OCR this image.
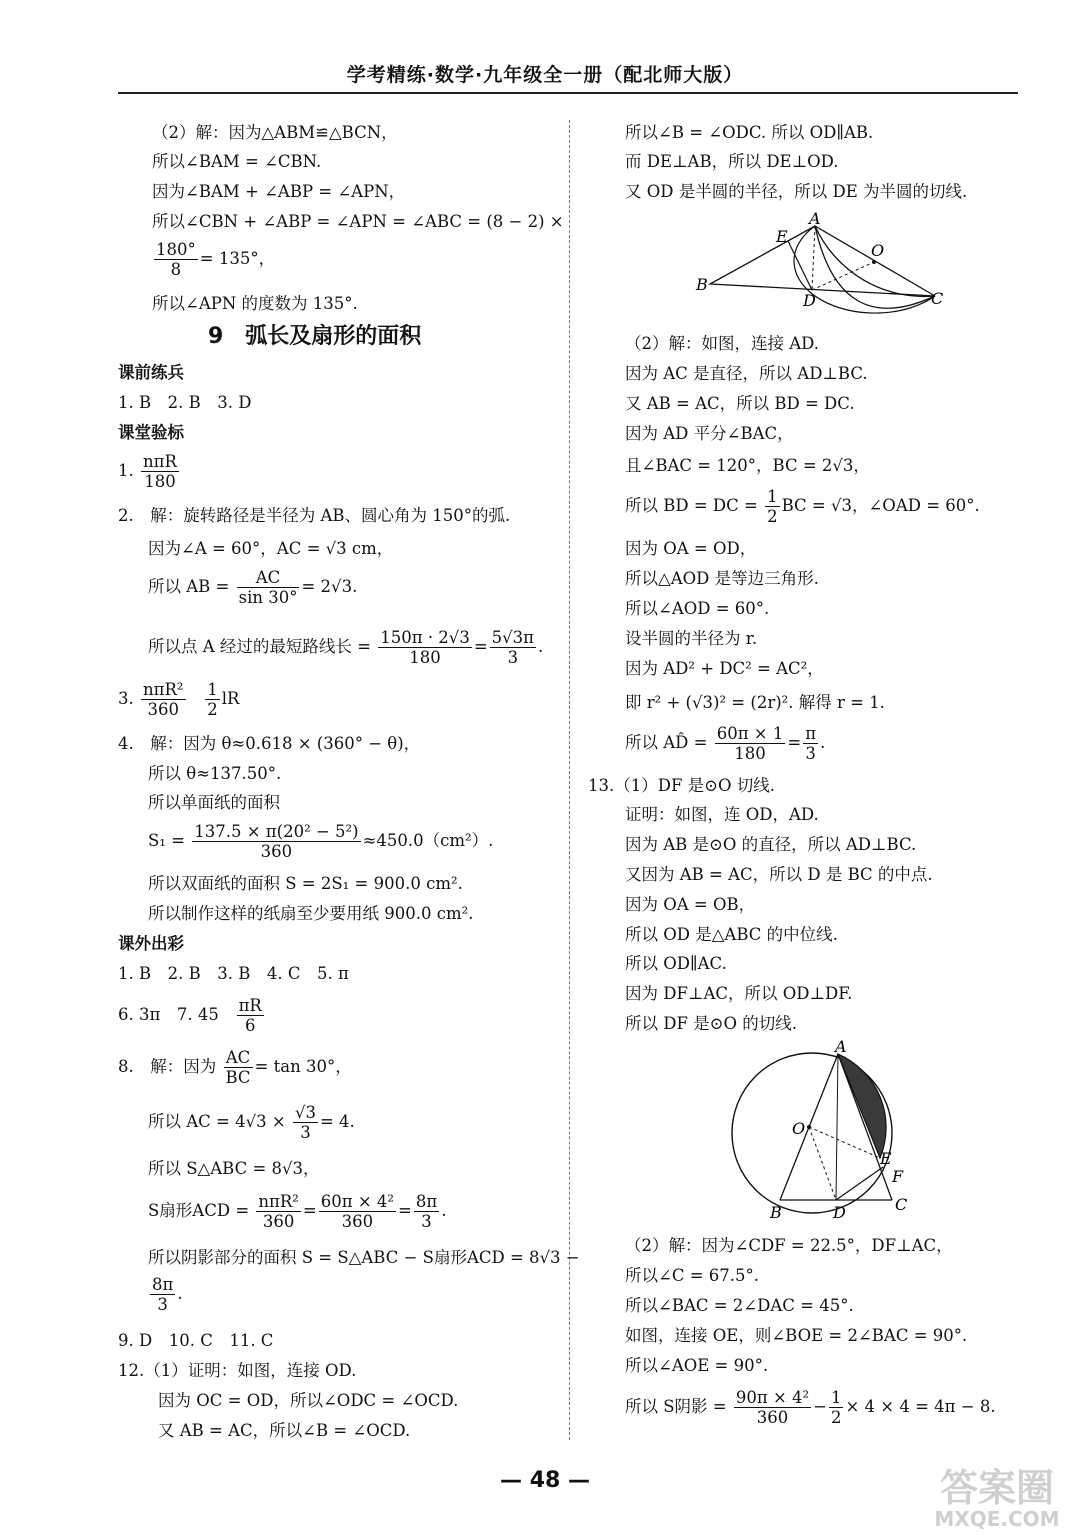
学考精练·数学·九年级全一册（配北师大版）
（2）解：因为△ABM≌△BCN，
所以∠BAM = ∠CBN.
因为∠BAM + ∠ABP = ∠APN，
所以∠CBN + ∠ABP = ∠APN = ∠ABC = (8 − 2) ×
$\frac{180^\circ}{8} = 135^\circ$，
所以∠APN 的度数为 135°.
9　弧长及扇形的面积
课前练兵
1. B　2. B　3. D
课堂验标
1. $\frac{\text{nπR}}{180}$
2.　解：旋转路径是半径为 AB、圆心角为 150°的弧.
因为∠A = 60°，AC = √3 cm，
所以 AB = $\frac{AC}{\sin 30^\circ} = 2√3$.
所以点 A 经过的最短路线长 = $\frac{150\pi \cdot 2√3}{180} = \frac{5√3\pi}{3}$ .
3. $\frac{\text{nπR²}}{360}$
$\frac{1}{2}$ lR
4.　解：因为 θ≈0.618 × (360° − θ)，
所以 θ≈137.50°.
所以单面纸的面积
$S_1 = \frac{\text{137.5 × π(20² − 5²)}}{360} \approx 450.0(cm^2)$.
所以双面纸的面积 S = 2S₁ = 900.0 cm².
所以制作这样的纸扇至少要用纸 900.0 cm².
课外出彩
1. B　2. B　3. B　4. C　5. π
6. 3π　7. $45 \frac{\pi R}{6}$
8.　解：因为 $\frac{AC}{BC} = \tan 30^\circ$，
所以 AC = $4√3 \times \frac{√3}{3} = 4$.
所以 S△ABC = 8√3，
S扇形ACD = $\frac{\text{nπR²}}{360} = \frac{\text{60π × 4²}}{360} = \frac{8\pi}{3}$ .
所以阴影部分的面积 S = S△ABC − S扇形ACD = 8√3 −
$\frac{8\pi}{3}$ .
9. D　10. C　11. C
12.（1）证明：如图，连接 OD.
因为 OC = OD，所以∠ODC = ∠OCD.
又 AB = AC，所以∠B = ∠OCD.
所以∠B = ∠ODC. 所以 OD∥AB.
而 DE⊥AB，所以 DE⊥OD.
又 OD 是半圆的半径，所以 DE 为半圆的切线.
A
E
O
B
D	C
（2）解：如图，连接 AD.
因为 AC 是直径，所以 AD⊥BC.
又 AB = AC，所以 BD = DC.
因为 AD 平分∠BAC，
且∠BAC = 120°，BC = 2√3，
所以 BD = DC = $\frac{1}{2}$ BC = √3，∠OAD = 60°.
因为 OA = OD，
所以△AOD 是等边三角形.
所以∠AOD = 60°.
设半圆的半径为 r.
因为 AD² + DC² = AC²，
即 r² + (√3)² = (2r)². 解得 r = 1.
所以 AD̂ = $\frac{60\pi \times 1}{180} = \frac{\pi}{3}$ .
13.（1）DF 是⊙O 切线.
证明：如图，连 OD，AD.
因为 AB 是⊙O 的直径，所以 AD⊥BC.
又因为 AB = AC，所以 D 是 BC 的中点.
因为 OA = OB，
所以 OD 是△ABC 的中位线.
所以 OD∥AC.
因为 DF⊥AC，所以 OD⊥DF.
所以 DF 是⊙O 的切线.
A
O
E
F
B	D	C
（2）解：因为∠CDF = 22.5°，DF⊥AC，
所以∠C = 67.5°.
所以∠BAC = 2∠DAC = 45°.
如图，连接 OE，则∠BOE = 2∠BAC = 90°.
所以∠AOE = 90°.
所以 S阴影 = $\frac{\text{90π × 4²}}{360} - \frac{1}{2} \times 4 \times 4 = 4\pi - 8$.
— 48 —	答案圈
MXQE.COM
